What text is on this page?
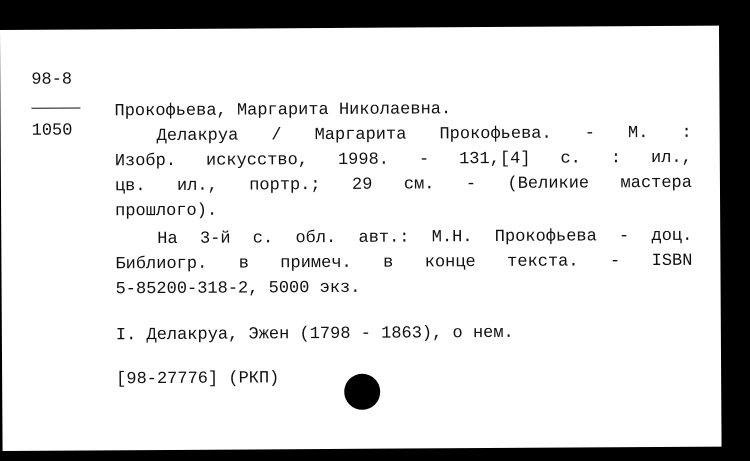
98-8

1050

Прокофьева, Маргарита Николаевна.

Делакруа / Маргарита Прокофьева. - М. :

Изобр. искусство, 1998. - 131,[4] с. : ил.,

цв. ил., портр.; 29 см. - (Великие мастера

прошлого).

На 3-й с. обл. авт.: М.Н. Прокофьева - доц.

Библиогр. в примеч. в конце текста. - ISBN

5-85200-318-2, 5000 экз.

I. Делакруа, Эжен (1798 - 1863), о нем.

[98-27776] (РКП)
